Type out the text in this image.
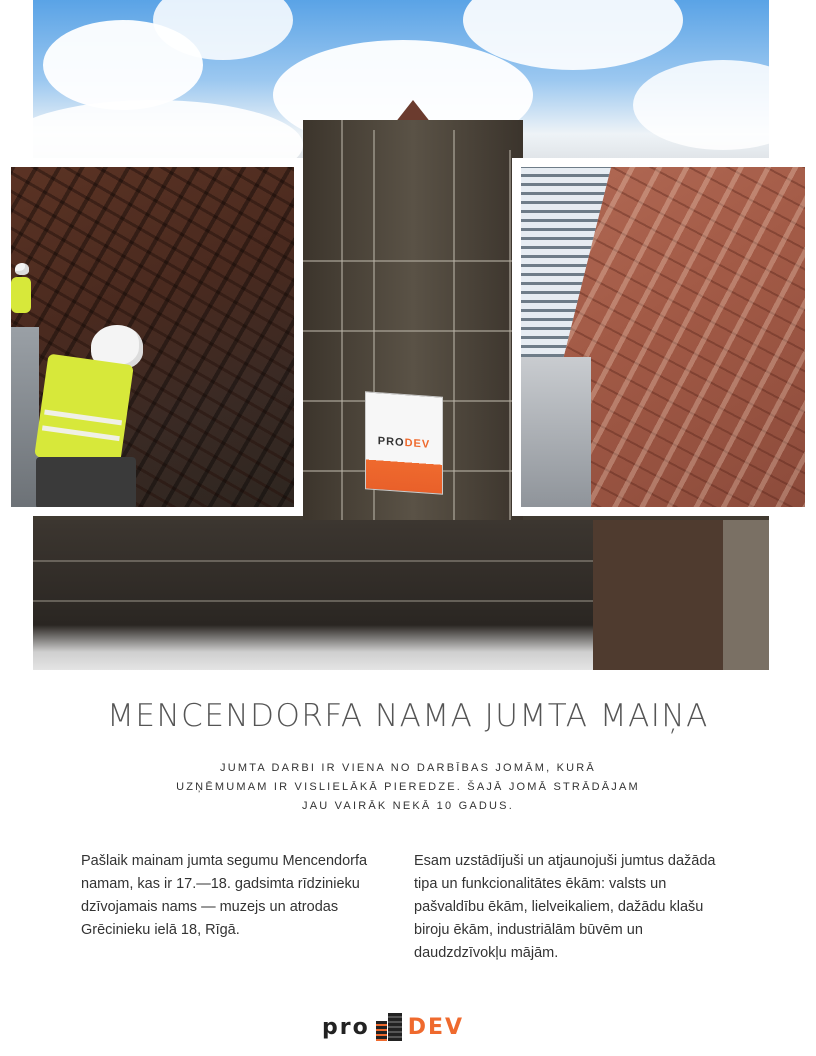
PRO DEV
MENCENDORFA NAMA JUMTA MAIŅA
JUMTA DARBI IR VIENA NO DARBĪBAS JOMĀM, KURĀ
UZŅĒMUMAM IR VISLIELĀKĀ PIEREDZE. ŠAJĀ JOMĀ STRĀDĀJAM
JAU VAIRĀK NEKĀ 10 GADUS.
Pašlaik mainam jumta segumu Mencendorfa namam, kas ir 17.—18. gadsimta rīdzinieku dzīvojamais nams — muzejs un atrodas Grēcinieku ielā 18, Rīgā.
Esam uzstādījuši un atjaunojuši jumtus dažāda tipa un funkcionalitātes ēkām: valsts un pašvaldību ēkām, lielveikaliem, dažādu klašu biroju ēkām, industriālām būvēm un daudzdzīvokļu mājām.
pro DEV
